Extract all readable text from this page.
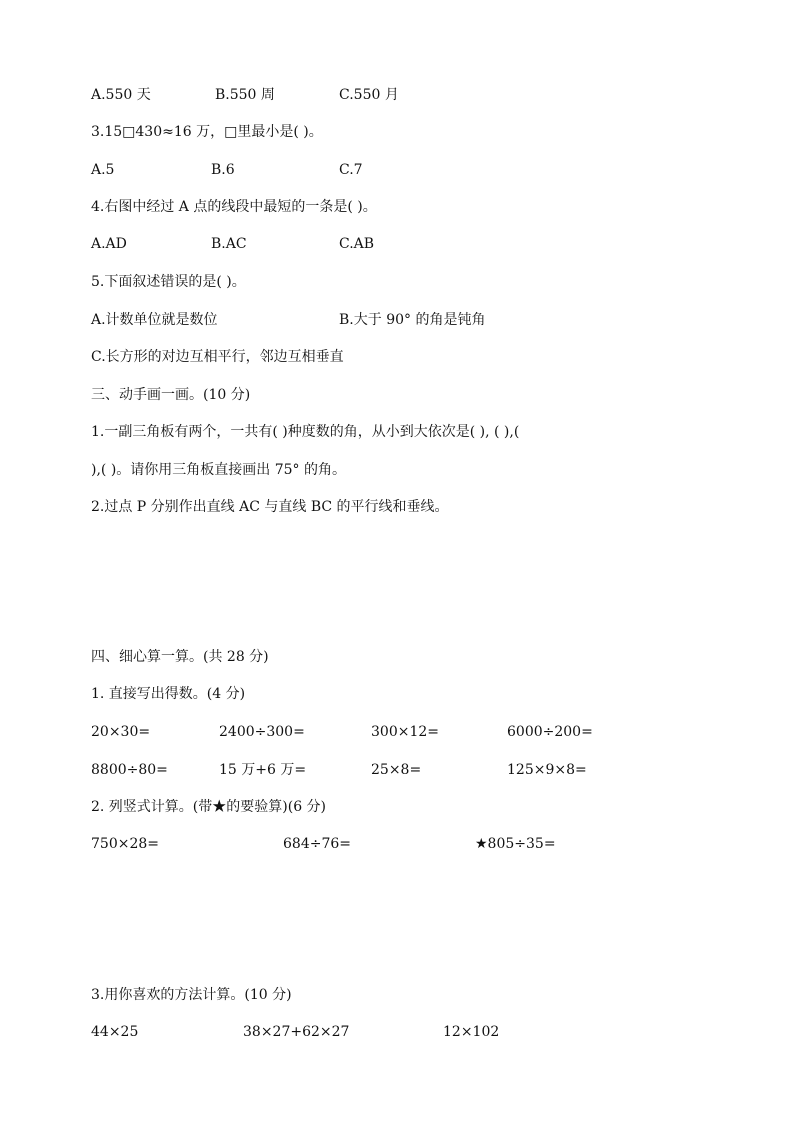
A.550 天	B.550 周	C.550 月
3.15□430≈16 万，□里最小是( )。
A.5	B.6	C.7
4.右图中经过 A 点的线段中最短的一条是( )。
A.AD	B.AC	C.AB
5.下面叙述错误的是( )。
A.计数单位就是数位	B.大于 90° 的角是钝角
C.长方形的对边互相平行，邻边互相垂直
三、动手画一画。(10 分)
1.一副三角板有两个，一共有( )种度数的角，从小到大依次是( ), ( ),(
),( )。请你用三角板直接画出 75° 的角。
2.过点 P 分别作出直线 AC 与直线 BC 的平行线和垂线。
四、细心算一算。(共 28 分)
1. 直接写出得数。(4 分)
20×30=	2400÷300=	300×12=	6000÷200=
8800÷80=	15 万+6 万=	25×8=	125×9×8=
2. 列竖式计算。(带★的要验算)(6 分)
750×28=	684÷76=	★805÷35=
3.用你喜欢的方法计算。(10 分)
44×25	38×27+62×27	12×102
